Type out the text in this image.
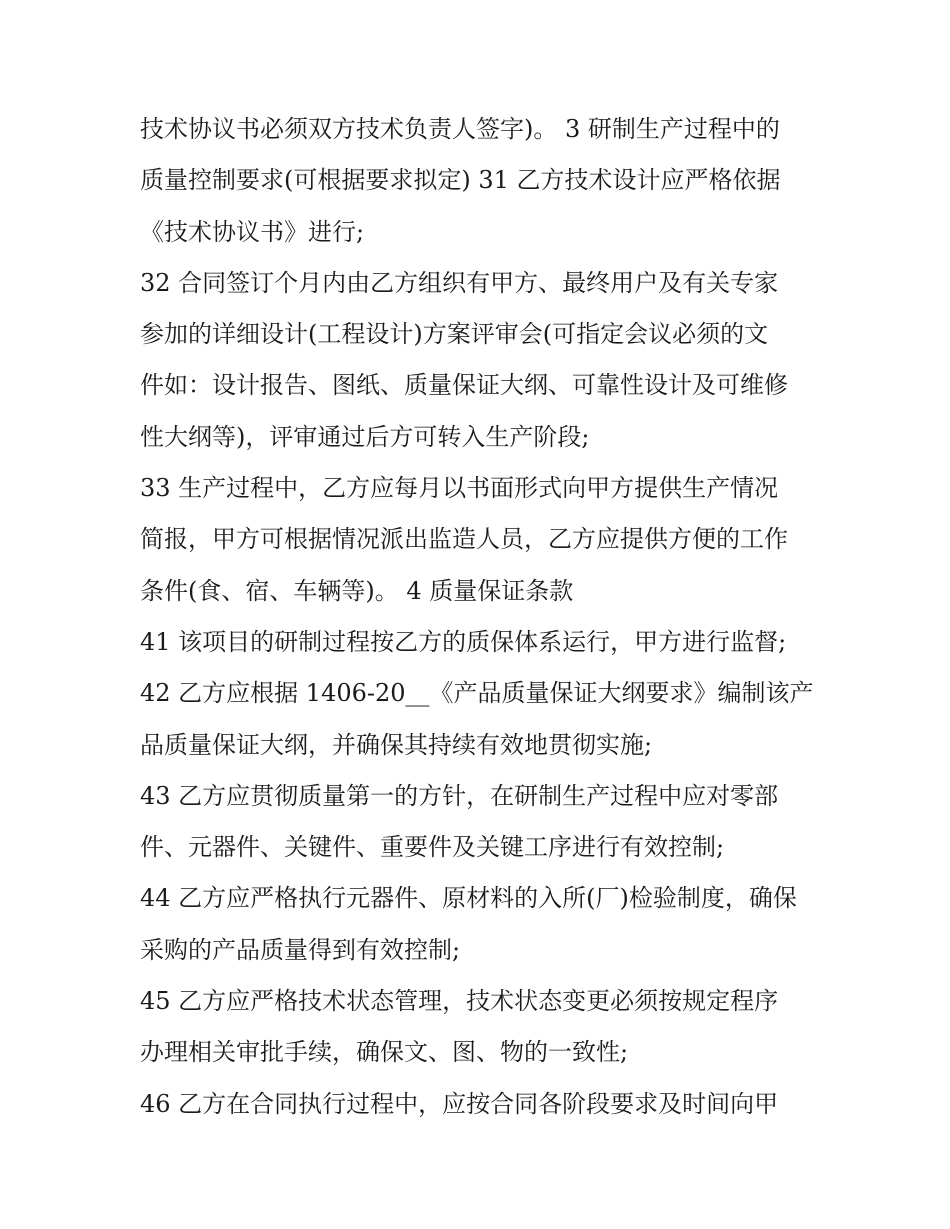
技术协议书必须双方技术负责人签字)。 3 研制生产过程中的
质量控制要求(可根据要求拟定) 31 乙方技术设计应严格依据
《技术协议书》进行;
32 合同签订个月内由乙方组织有甲方、最终用户及有关专家
参加的详细设计(工程设计)方案评审会(可指定会议必须的文
件如：设计报告、图纸、质量保证大纲、可靠性设计及可维修
性大纲等)，评审通过后方可转入生产阶段;
33 生产过程中，乙方应每月以书面形式向甲方提供生产情况
简报，甲方可根据情况派出监造人员，乙方应提供方便的工作
条件(食、宿、车辆等)。 4 质量保证条款
41 该项目的研制过程按乙方的质保体系运行，甲方进行监督;
42 乙方应根据 1406-20__《产品质量保证大纲要求》编制该产
品质量保证大纲，并确保其持续有效地贯彻实施;
43 乙方应贯彻质量第一的方针，在研制生产过程中应对零部
件、元器件、关键件、重要件及关键工序进行有效控制;
44 乙方应严格执行元器件、原材料的入所(厂)检验制度，确保
采购的产品质量得到有效控制;
45 乙方应严格技术状态管理，技术状态变更必须按规定程序
办理相关审批手续，确保文、图、物的一致性;
46 乙方在合同执行过程中，应按合同各阶段要求及时间向甲
